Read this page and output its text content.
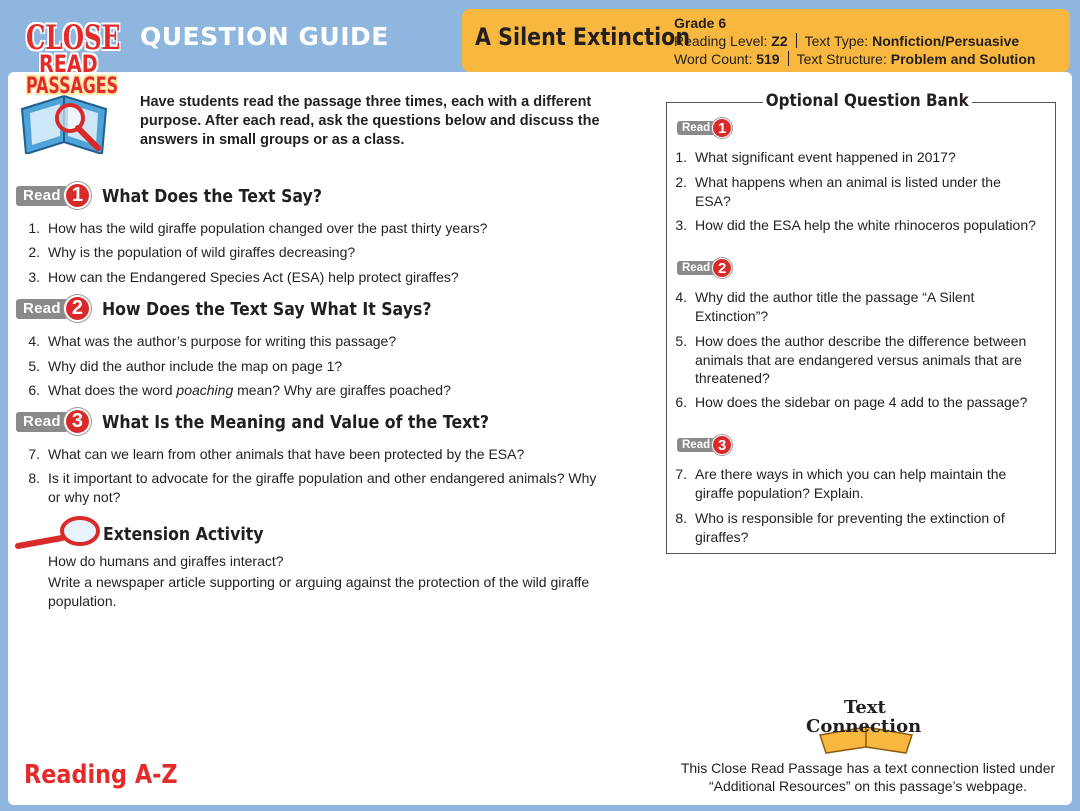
CLOSE
READ
PASSAGES
QUESTION GUIDE	A Silent Extinction
Grade 6
Reading Level: Z2 Text Type: Nonfiction/Persuasive
Word Count: 519 Text Structure: Problem and Solution
Have students read the passage three times, each with a different purpose. After each read, ask the questions below and discuss the answers in small groups or as a class.
Read 1	What Does the Text Say?
1. How has the wild giraffe population changed over the past thirty years?
2. Why is the population of wild giraffes decreasing?
3. How can the Endangered Species Act (ESA) help protect giraffes?
Read 2	How Does the Text Say What It Says?
4. What was the author’s purpose for writing this passage?
5. Why did the author include the map on page 1?
6. What does the word poaching mean? Why are giraffes poached?
Read 3	What Is the Meaning and Value of the Text?
7. What can we learn from other animals that have been protected by the ESA?
8. Is it important to advocate for the giraffe population and other endangered animals? Why or why not?
Extension Activity
How do humans and giraffes interact?
Write a newspaper article supporting or arguing against the protection of the wild giraffe population.
Optional Question Bank
Read 1
1. What significant event happened in 2017?
2. What happens when an animal is listed under the ESA?
3. How did the ESA help the white rhinoceros population?
Read 2
4. Why did the author title the passage “A Silent Extinction”?
5. How does the author describe the difference between animals that are endangered versus animals that are threatened?
6. How does the sidebar on page 4 add to the passage?
Read 3
7. Are there ways in which you can help maintain the giraffe population? Explain.
8. Who is responsible for preventing the extinction of giraffes?
Reading A-Z
Text
Connection
This Close Read Passage has a text connection listed under “Additional Resources” on this passage’s webpage.
